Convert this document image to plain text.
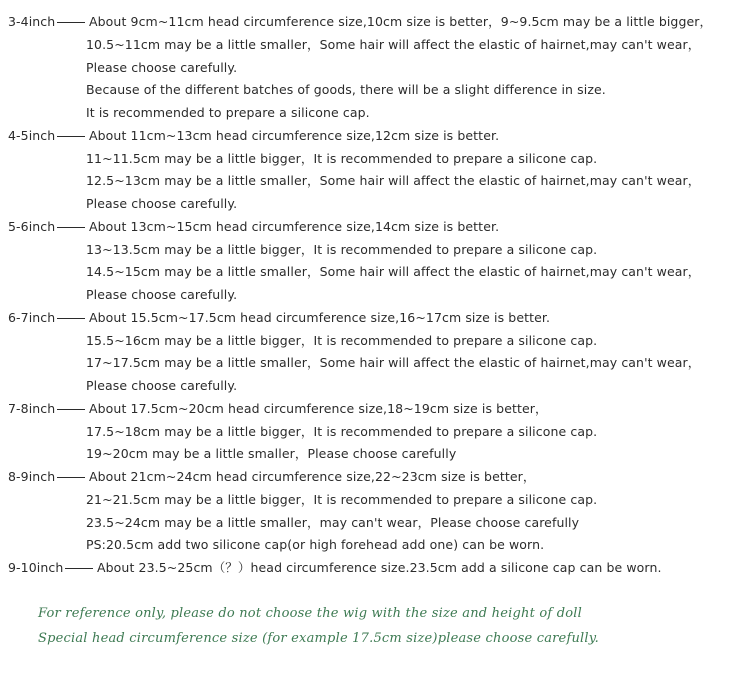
3-4inch	About 9cm~11cm head circumference size,10cm size is better，9~9.5cm may be a little bigger，
10.5~11cm may be a little smaller，Some hair will affect the elastic of hairnet,may can't wear，
Please choose carefully.
Because of the different batches of goods, there will be a slight difference in size.
It is recommended to prepare a silicone cap.
4-5inch	About 11cm~13cm head circumference size,12cm size is better.
11~11.5cm may be a little bigger，It is recommended to prepare a silicone cap.
12.5~13cm may be a little smaller，Some hair will affect the elastic of hairnet,may can't wear，
Please choose carefully.
5-6inch	About 13cm~15cm head circumference size,14cm size is better.
13~13.5cm may be a little bigger，It is recommended to prepare a silicone cap.
14.5~15cm may be a little smaller，Some hair will affect the elastic of hairnet,may can't wear，
Please choose carefully.
6-7inch	About 15.5cm~17.5cm head circumference size,16~17cm size is better.
15.5~16cm may be a little bigger，It is recommended to prepare a silicone cap.
17~17.5cm may be a little smaller，Some hair will affect the elastic of hairnet,may can't wear，
Please choose carefully.
7-8inch	About 17.5cm~20cm head circumference size,18~19cm size is better，
17.5~18cm may be a little bigger，It is recommended to prepare a silicone cap.
19~20cm may be a little smaller，Please choose carefully
8-9inch	About 21cm~24cm head circumference size,22~23cm size is better，
21~21.5cm may be a little bigger，It is recommended to prepare a silicone cap.
23.5~24cm may be a little smaller，may can't wear，Please choose carefully
PS:20.5cm add two silicone cap(or high forehead add one) can be worn.
9-10inch	About 23.5~25cm（？）head circumference size.23.5cm add a silicone cap can be worn.
For reference only, please do not choose the wig with the size and height of doll
Special head circumference size (for example 17.5cm size)please choose carefully.
